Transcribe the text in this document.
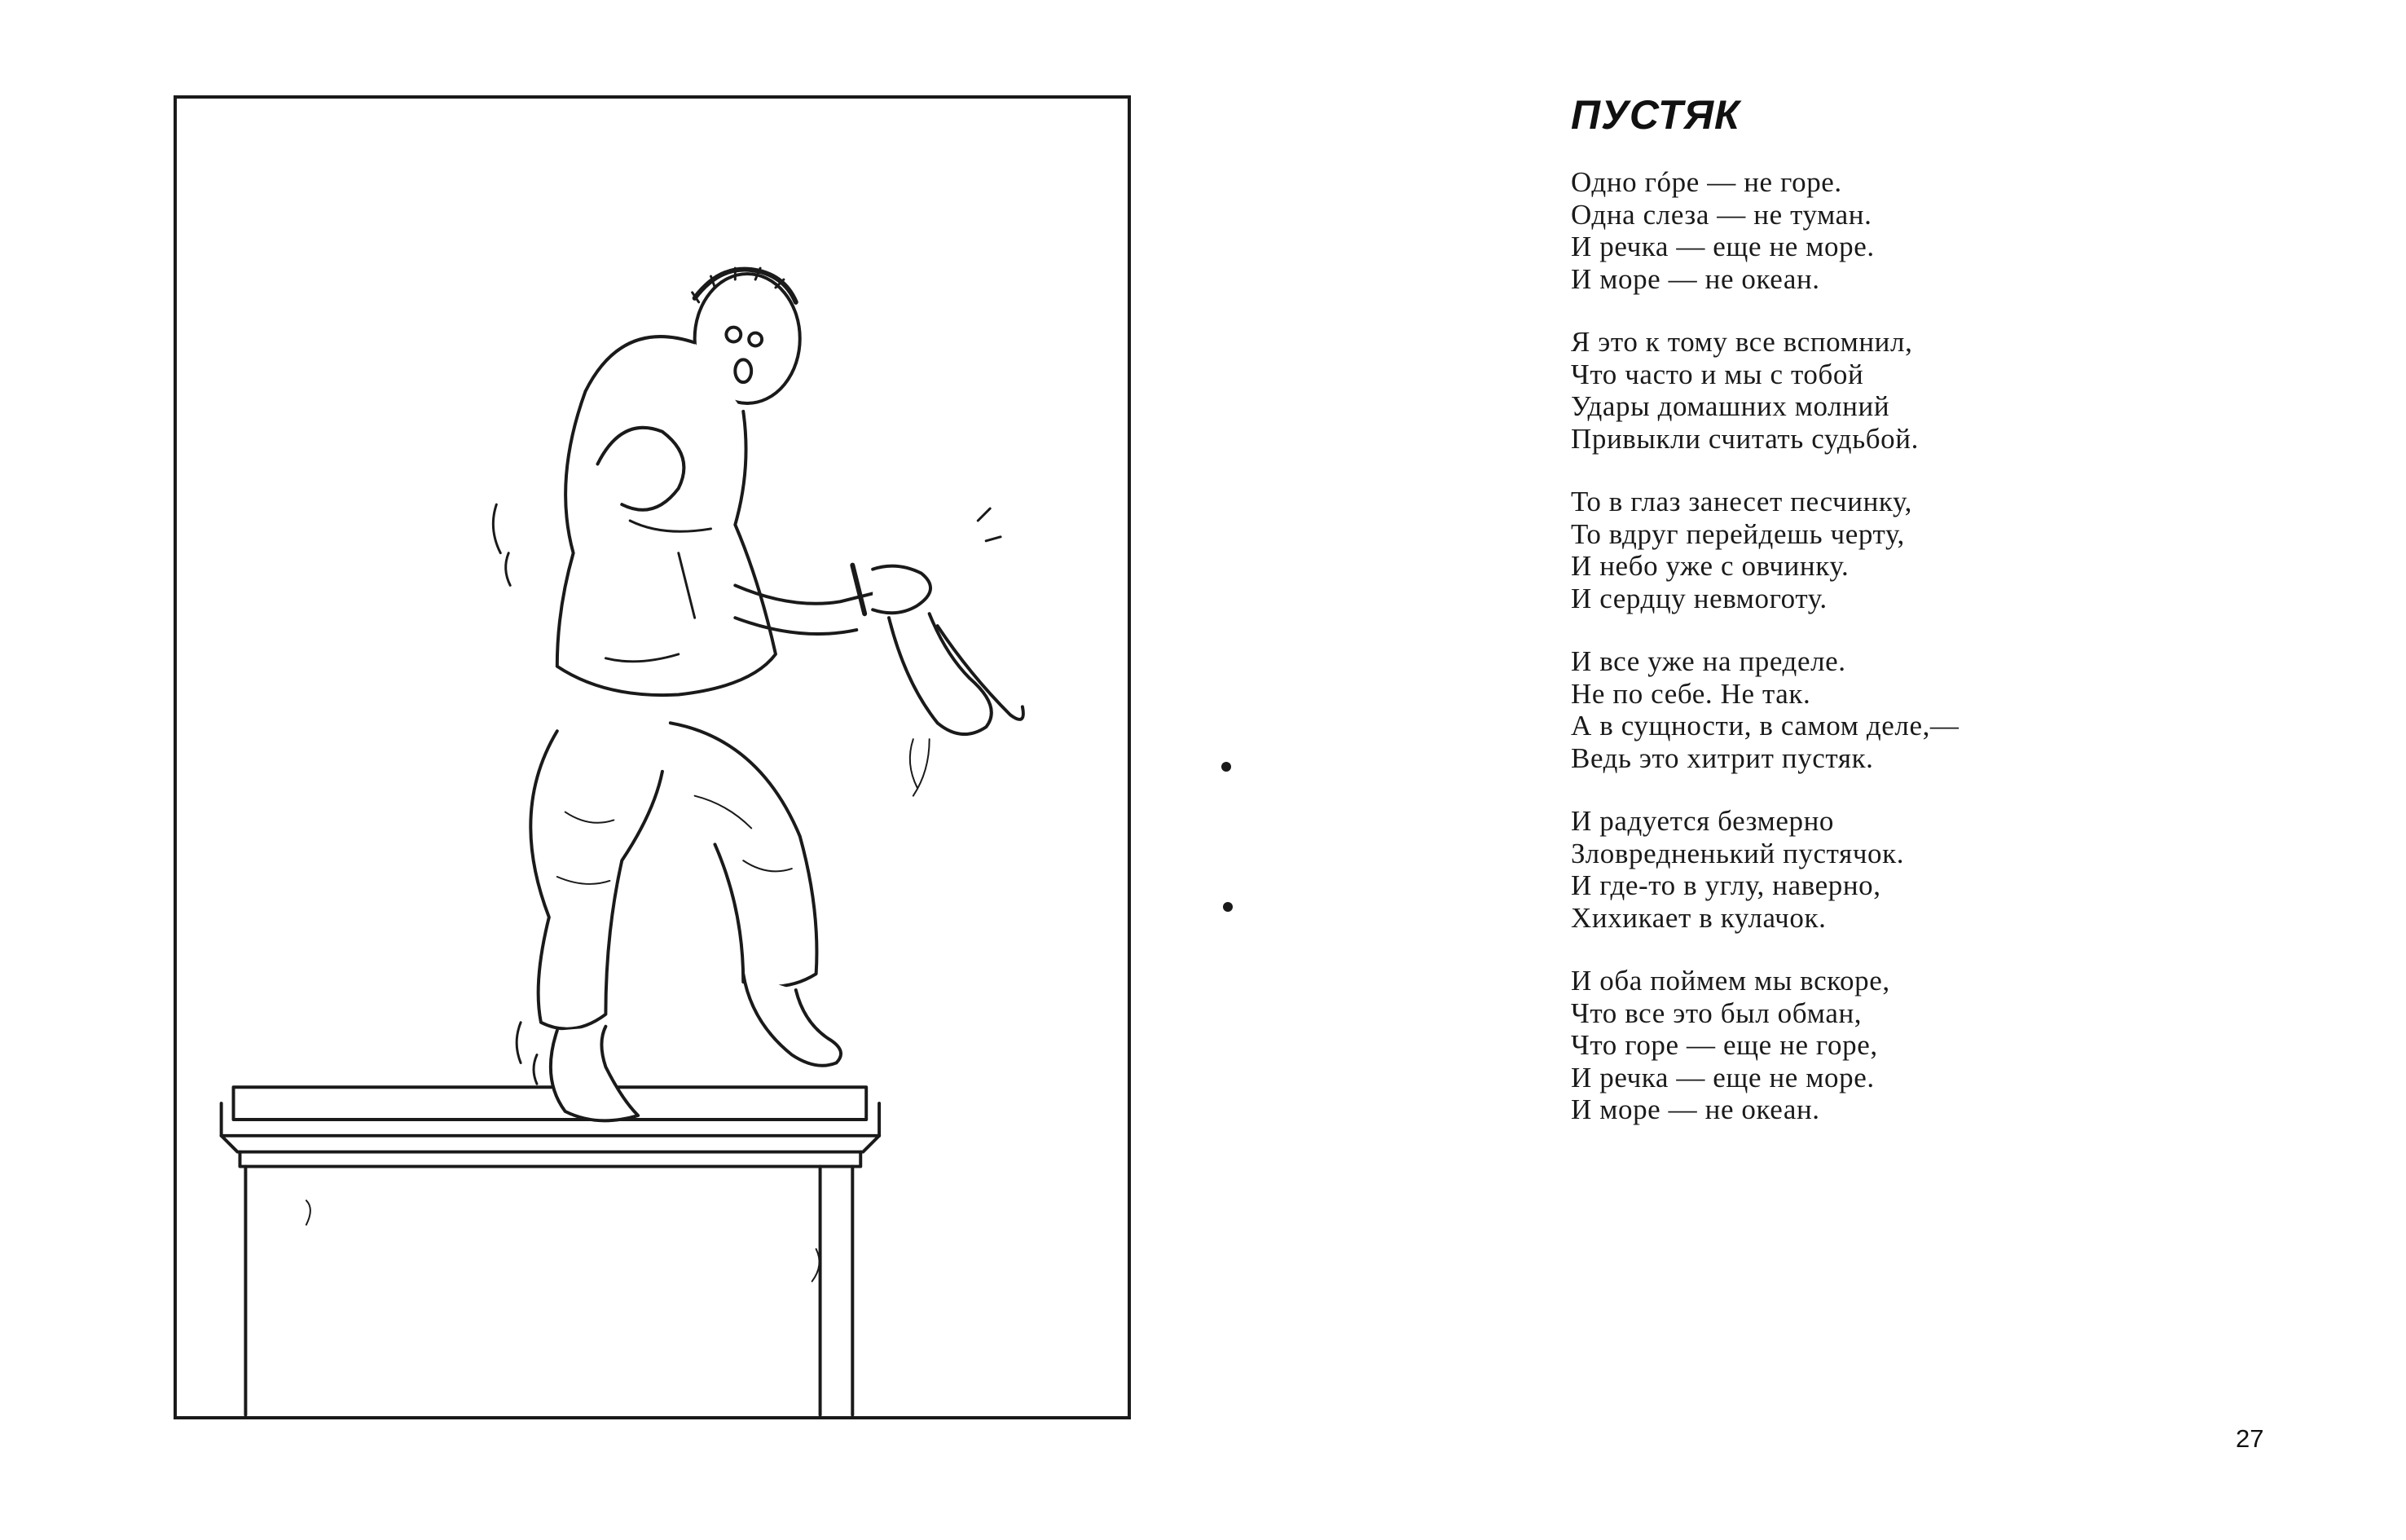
ПУСТЯК
Одно гóре — не горе.
Одна слеза — не туман.
И речка — еще не море.
И море — не океан.
Я это к тому все вспомнил,
Что часто и мы с тобой
Удары домашних молний
Привыкли считать судьбой.
То в глаз занесет песчинку,
То вдруг перейдешь черту,
И небо уже с овчинку.
И сердцу невмоготу.
И все уже на пределе.
Не по себе. Не так.
А в сущности, в самом деле,—
Ведь это хитрит пустяк.
И радуется безмерно
Зловредненький пустячок.
И где-то в углу, наверно,
Хихикает в кулачок.
И оба поймем мы вскоре,
Что все это был обман,
Что горе — еще не горе,
И речка — еще не море.
И море — не океан.
27
